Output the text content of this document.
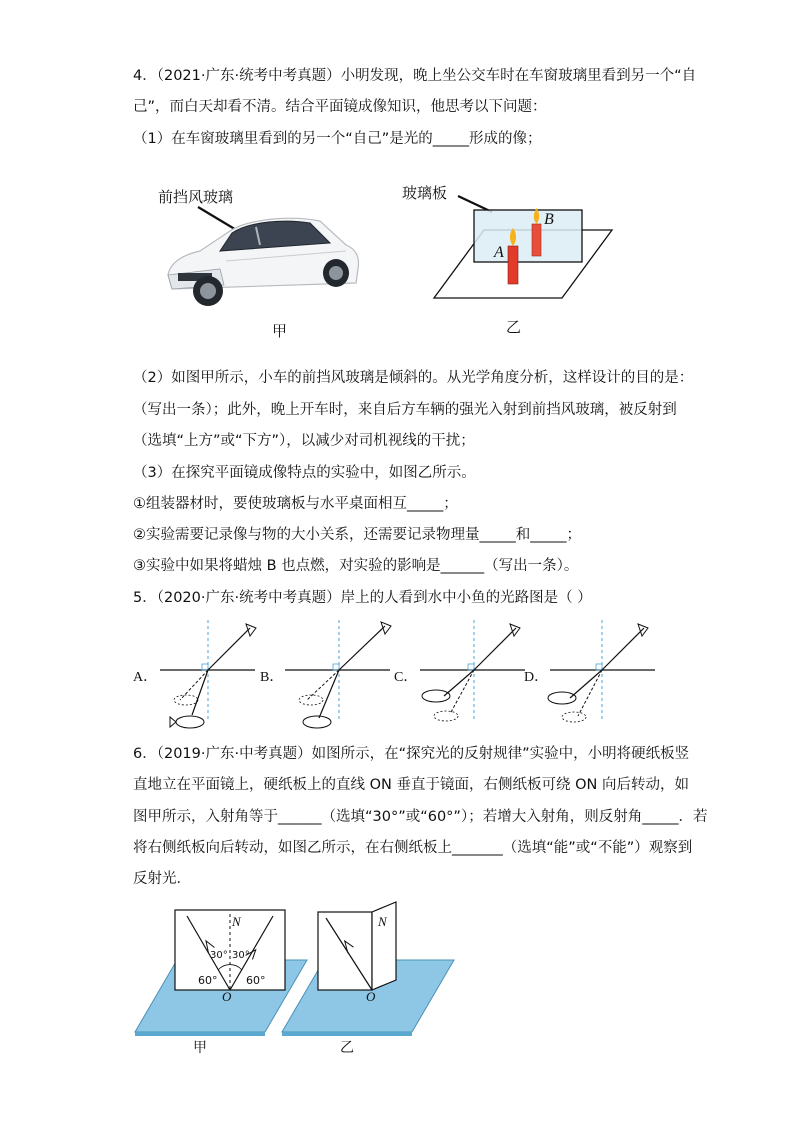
4．（2021·广东·统考中考真题）小明发现，晚上坐公交车时在车窗玻璃里看到另一个“自
己”，而白天却看不清。结合平面镜成像知识，他思考以下问题：
（1）在车窗玻璃里看到的另一个“自己”是光的_____形成的像；
前挡风玻璃
甲
玻璃板
A
B
乙
（2）如图甲所示，小车的前挡风玻璃是倾斜的。从光学角度分析，这样设计的目的是：
（写出一条）；此外，晚上开车时，来自后方车辆的强光入射到前挡风玻璃，被反射到
（选填“上方”或“下方”），以减少对司机视线的干扰；
（3）在探究平面镜成像特点的实验中，如图乙所示。
①组装器材时，要使玻璃板与水平桌面相互_____；
②实验需要记录像与物的大小关系，还需要记录物理量_____和_____；
③实验中如果将蜡烛 B 也点燃，对实验的影响是______（写出一条）。
5．（2020·广东·统考中考真题）岸上的人看到水中小鱼的光路图是（ ）
A．	B．	C．	D．
6．（2019·广东·中考真题）如图所示，在“探究光的反射规律”实验中，小明将硬纸板竖
直地立在平面镜上，硬纸板上的直线 ON 垂直于镜面，右侧纸板可绕 ON 向后转动，如
图甲所示，入射角等于______（选填“30°”或“60°”）；若增大入射角，则反射角_____．若
将右侧纸板向后转动，如图乙所示，在右侧纸板上_______（选填“能”或“不能”）观察到
反射光．
N
30° 30°
60°	60°
O
甲
N
O
乙
